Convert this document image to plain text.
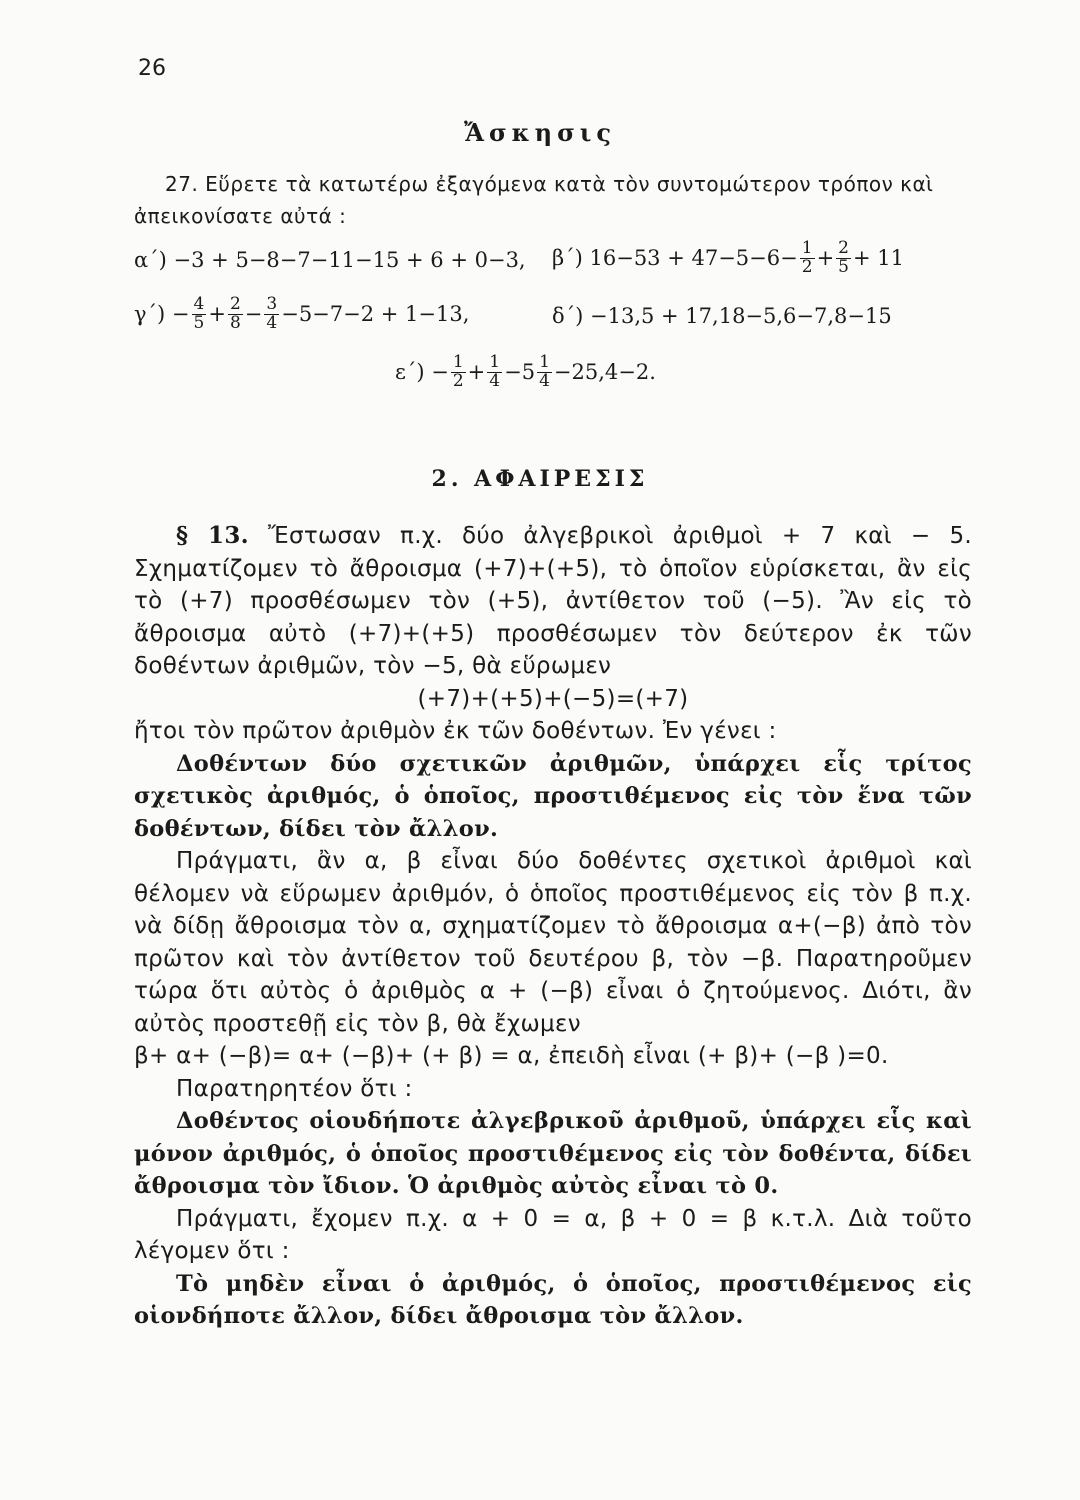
26
Ἄσκησις
27. Εὕρετε τὰ κατωτέρω ἐξαγόμενα κατὰ τὸν συντομώτερον τρόπον καὶ
ἀπεικονίσατε αὐτά :
α΄) −3 + 5−8−7−11−15 + 6 + 0−3, β΄) $16-53 + 47-5-6- \frac{1}{2} + \frac{2}{5} + 11$
$\gamma΄) - \frac{4}{5} + \frac{2}{8} - \frac{3}{4} -5-7-2 + 1-13$,	δ΄) −13,5 + 17,18−5,6−7,8−15
$\varepsilon΄) - \frac{1}{2} + \frac{1}{4} -5 \frac{1}{4} -25,4-2$.
2. ΑΦΑΙΡΕΣΙΣ

§ 13. Ἔστωσαν π.χ. δύο ἀλγεβρικοὶ ἀριθμοὶ + 7 καὶ − 5. Σχηματίζομεν τὸ ἄθροισμα (+7)+(+5), τὸ ὁποῖον εὑρίσκεται, ἂν εἰς τὸ (+7) προσθέσωμεν τὸν (+5), ἀντίθετον τοῦ (−5). Ἂν εἰς τὸ ἄθροισμα αὐτὸ (+7)+(+5) προσθέσωμεν τὸν δεύτερον ἐκ τῶν δοθέντων ἀριθμῶν, τὸν −5, θὰ εὕρωμεν

(+7)+(+5)+(−5)=(+7)

ἤτοι τὸν πρῶτον ἀριθμὸν ἐκ τῶν δοθέντων. Ἐν γένει :

Δοθέντων δύο σχετικῶν ἀριθμῶν, ὑπάρχει εἷς τρίτος σχετικὸς ἀριθμός, ὁ ὁποῖος, προστιθέμενος εἰς τὸν ἕνα τῶν δοθέντων, δίδει τὸν ἄλλον.

Πράγματι, ἂν α, β εἶναι δύο δοθέντες σχετικοὶ ἀριθμοὶ καὶ θέλομεν νὰ εὕρωμεν ἀριθμόν, ὁ ὁποῖος προστιθέμενος εἰς τὸν β π.χ. νὰ δίδῃ ἄθροισμα τὸν α, σχηματίζομεν τὸ ἄθροισμα α+(−β) ἀπὸ τὸν πρῶτον καὶ τὸν ἀντίθετον τοῦ δευτέρου β, τὸν −β. Παρατηροῦμεν τώρα ὅτι αὐτὸς ὁ ἀριθμὸς α + (−β) εἶναι ὁ ζητούμενος. Διότι, ἂν αὐτὸς προστεθῇ εἰς τὸν β, θὰ ἔχωμεν

β+ α+ (−β)= α+ (−β)+ (+ β) = α, ἐπειδὴ εἶναι (+ β)+ (−β )=0.

Παρατηρητέον ὅτι :

Δοθέντος οἱουδήποτε ἀλγεβρικοῦ ἀριθμοῦ, ὑπάρχει εἷς καὶ μόνον ἀριθμός, ὁ ὁποῖος προστιθέμενος εἰς τὸν δοθέντα, δίδει ἄθροισμα τὸν ἴδιον. Ὁ ἀριθμὸς αὐτὸς εἶναι τὸ 0.

Πράγματι, ἔχομεν π.χ. α + 0 = α, β + 0 = β κ.τ.λ. Διὰ τοῦτο λέγομεν ὅτι :

Τὸ μηδὲν εἶναι ὁ ἀριθμός, ὁ ὁποῖος, προστιθέμενος εἰς οἱονδήποτε ἄλλον, δίδει ἄθροισμα τὸν ἄλλον.
